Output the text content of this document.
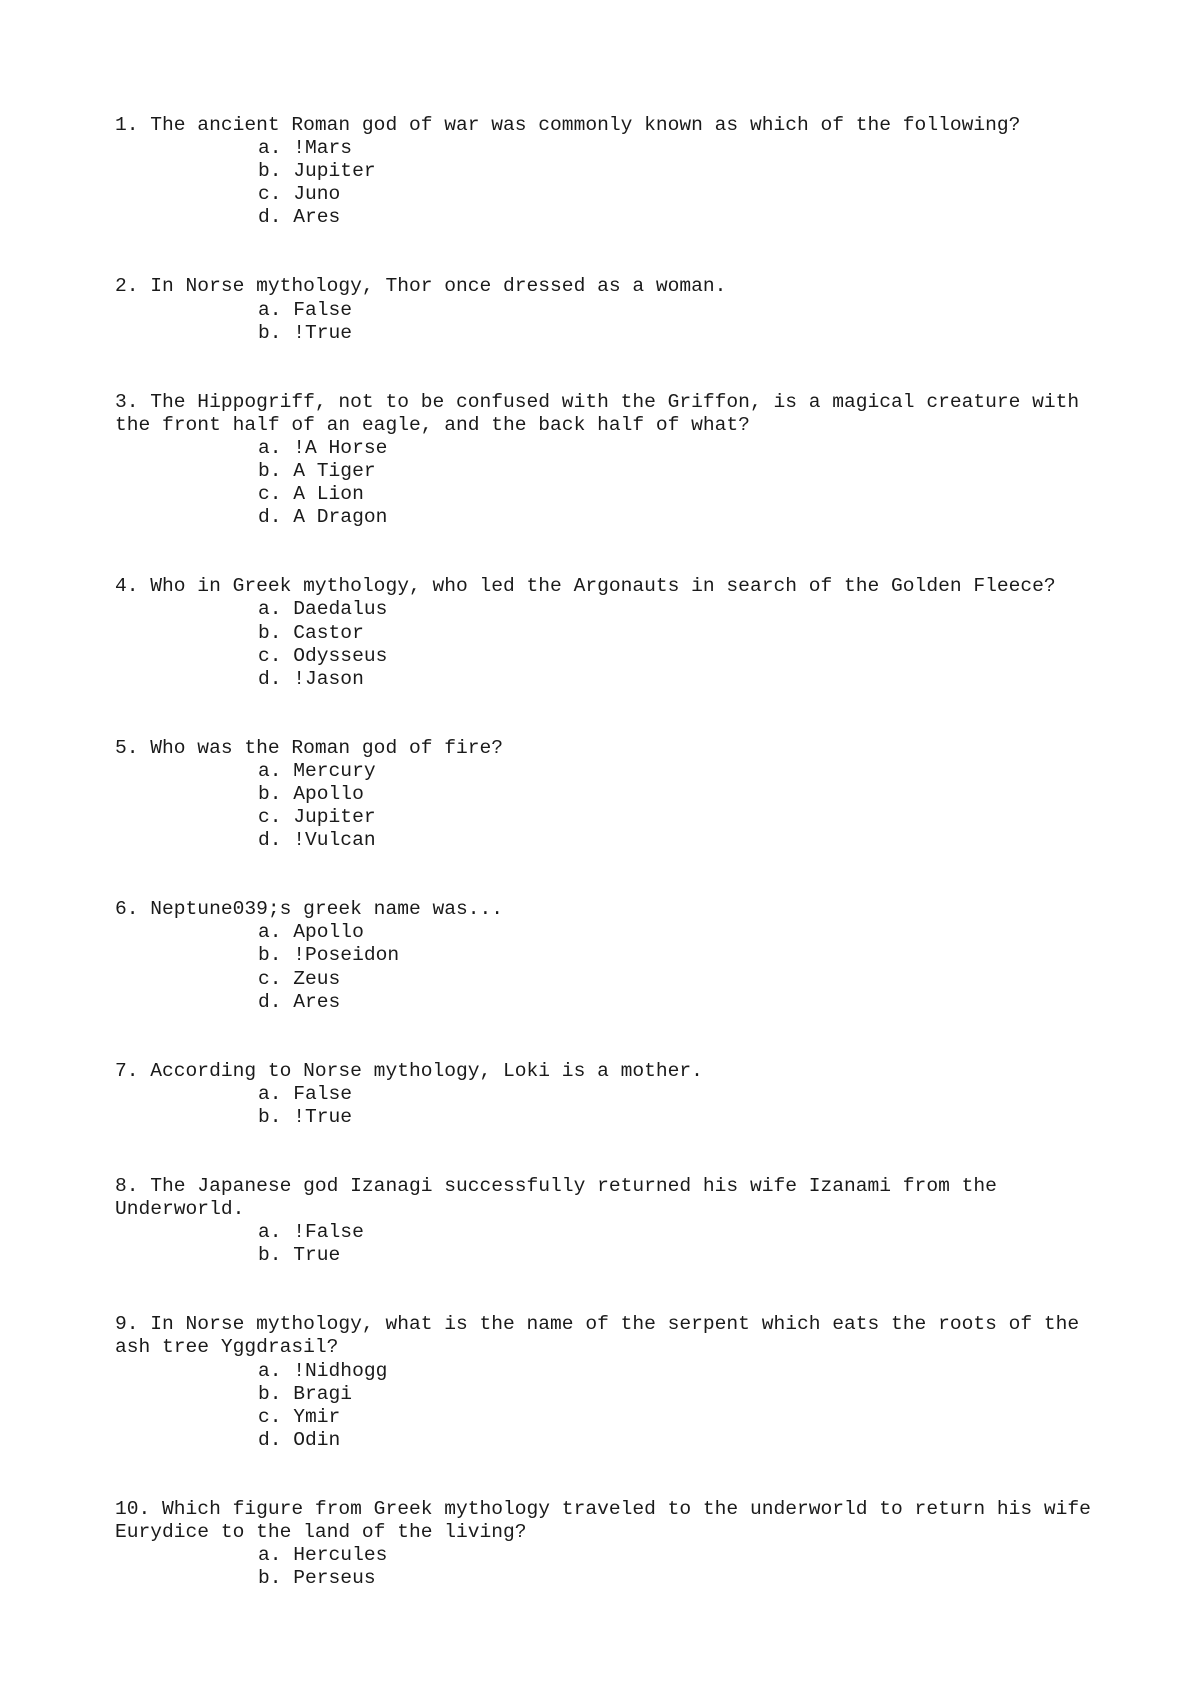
1. The ancient Roman god of war was commonly known as which of the following?
a. !Mars
b. Jupiter
c. Juno
d. Ares
2. In Norse mythology, Thor once dressed as a woman.
a. False
b. !True
3. The Hippogriff, not to be confused with the Griffon, is a magical creature with the front half of an eagle, and the back half of what?
a. !A Horse
b. A Tiger
c. A Lion
d. A Dragon
4. Who in Greek mythology, who led the Argonauts in search of the Golden Fleece?
a. Daedalus
b. Castor
c. Odysseus
d. !Jason
5. Who was the Roman god of fire?
a. Mercury
b. Apollo
c. Jupiter
d. !Vulcan
6. Neptune039;s greek name was...
a. Apollo
b. !Poseidon
c. Zeus
d. Ares
7. According to Norse mythology, Loki is a mother.
a. False
b. !True
8. The Japanese god Izanagi successfully returned his wife Izanami from the Underworld.
a. !False
b. True
9. In Norse mythology, what is the name of the serpent which eats the roots of the ash tree Yggdrasil?
a. !Nidhogg
b. Bragi
c. Ymir
d. Odin
10. Which figure from Greek mythology traveled to the underworld to return his wife Eurydice to the land of the living?
a. Hercules
b. Perseus
